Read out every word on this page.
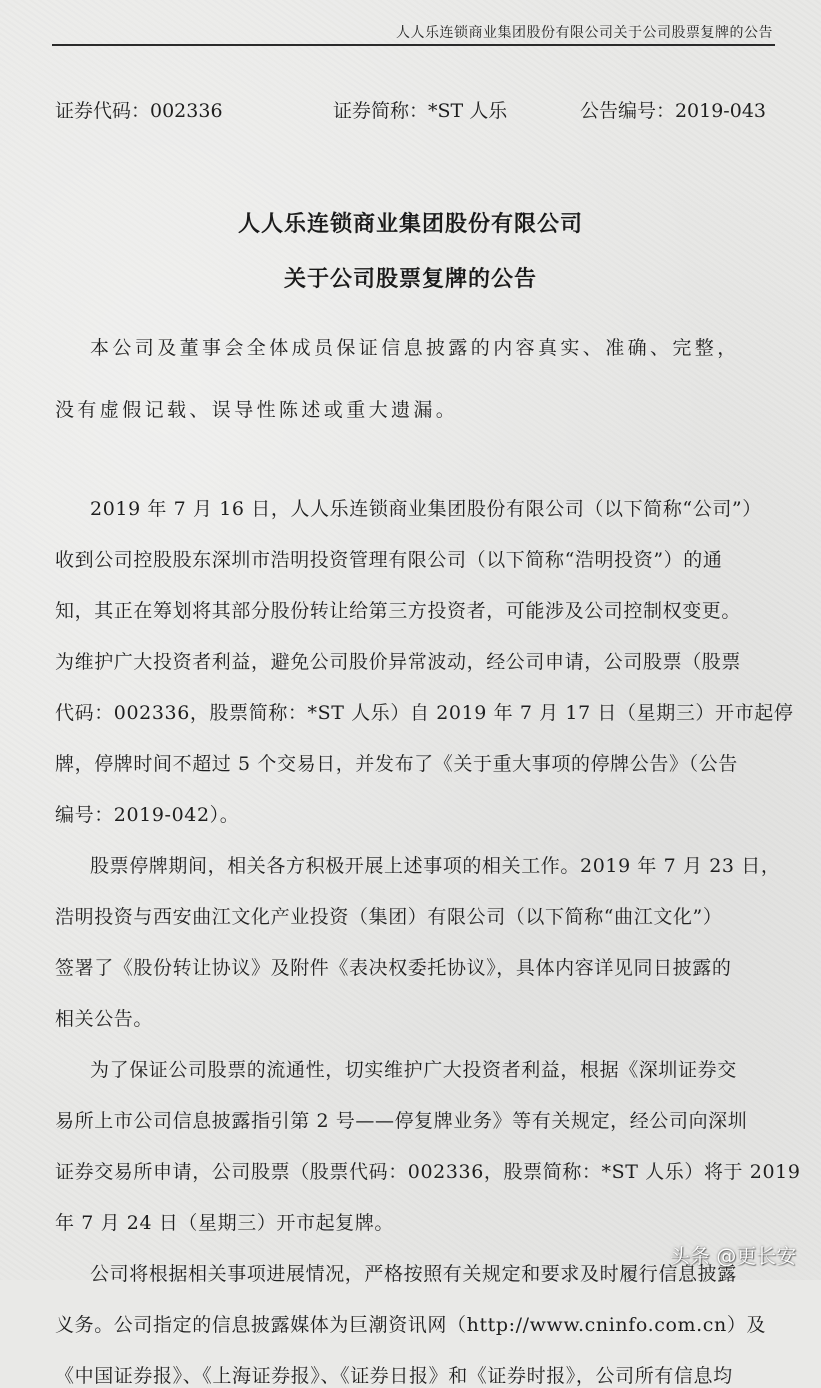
人人乐连锁商业集团股份有限公司关于公司股票复牌的公告
证券代码：002336	证券简称：*ST 人乐	公告编号：2019-043
人人乐连锁商业集团股份有限公司
关于公司股票复牌的公告
本公司及董事会全体成员保证信息披露的内容真实、准确、完整，
没有虚假记载、误导性陈述或重大遗漏。
2019 年 7 月 16 日，人人乐连锁商业集团股份有限公司（以下简称“公司”）
收到公司控股股东深圳市浩明投资管理有限公司（以下简称“浩明投资”）的通
知，其正在筹划将其部分股份转让给第三方投资者，可能涉及公司控制权变更。
为维护广大投资者利益，避免公司股价异常波动，经公司申请，公司股票（股票
代码：002336，股票简称：*ST 人乐）自 2019 年 7 月 17 日（星期三）开市起停
牌，停牌时间不超过 5 个交易日，并发布了《关于重大事项的停牌公告》（公告
编号：2019-042）。
股票停牌期间，相关各方积极开展上述事项的相关工作。2019 年 7 月 23 日，
浩明投资与西安曲江文化产业投资（集团）有限公司（以下简称“曲江文化”）
签署了《股份转让协议》及附件《表决权委托协议》，具体内容详见同日披露的
相关公告。
为了保证公司股票的流通性，切实维护广大投资者利益，根据《深圳证券交
易所上市公司信息披露指引第 2 号——停复牌业务》等有关规定，经公司向深圳
证券交易所申请，公司股票（股票代码：002336，股票简称：*ST 人乐）将于 2019
年 7 月 24 日（星期三）开市起复牌。
公司将根据相关事项进展情况，严格按照有关规定和要求及时履行信息披露
义务。公司指定的信息披露媒体为巨潮资讯网（http://www.cninfo.com.cn）及
《中国证券报》、《上海证券报》、《证券日报》和《证券时报》，公司所有信息均
头条 @更长安
